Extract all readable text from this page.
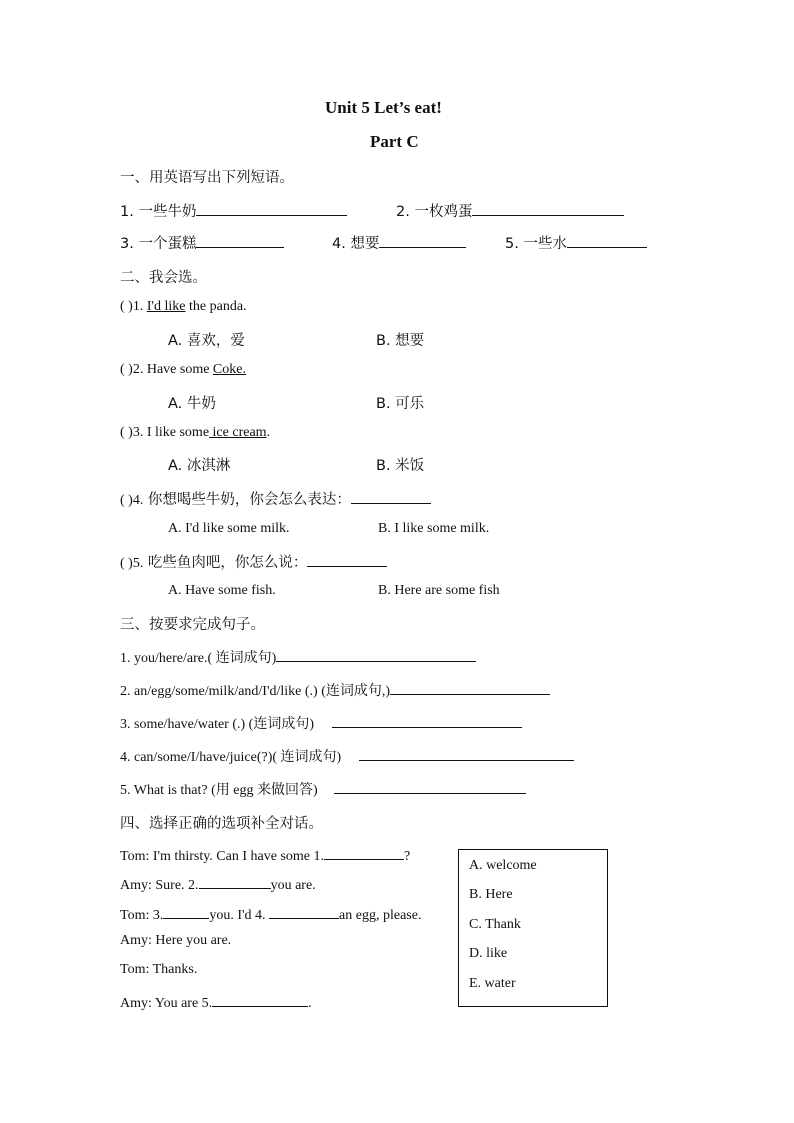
Unit 5 Let’s eat!
Part C
一、用英语写出下列短语。
1. 一些牛奶	2. 一枚鸡蛋
3. 一个蛋糕	4. 想要	5. 一些水
二、我会选。
( )1. I'd like the panda.
A. 喜欢，爱	B. 想要
( )2. Have some Coke.
A. 牛奶	B. 可乐
( )3. I like some ice cream.
A. 冰淇淋	B. 米饭
( )4. 你想喝些牛奶，你会怎么表达：
A. I'd like some milk.	B. I like some milk.
( )5. 吃些鱼肉吧，你怎么说：
A. Have some fish.	B. Here are some fish
三、按要求完成句子。
1. you/here/are.( 连词成句)
2. an/egg/some/milk/and/I'd/like (.) (连词成句,)
3. some/have/water (.) (连词成句)
4. can/some/I/have/juice(?)( 连词成句)
5. What is that? (用 egg 来做回答)
四、选择正确的选项补全对话。
Tom: I'm thirsty. Can I have some 1.	?
Amy: Sure. 2.	you are.
Tom: 3.	you. I'd 4.	an egg, please.
Amy: Here you are.
Tom: Thanks.
Amy: You are 5.	.
A. welcome
B. Here
C. Thank
D. like
E. water
